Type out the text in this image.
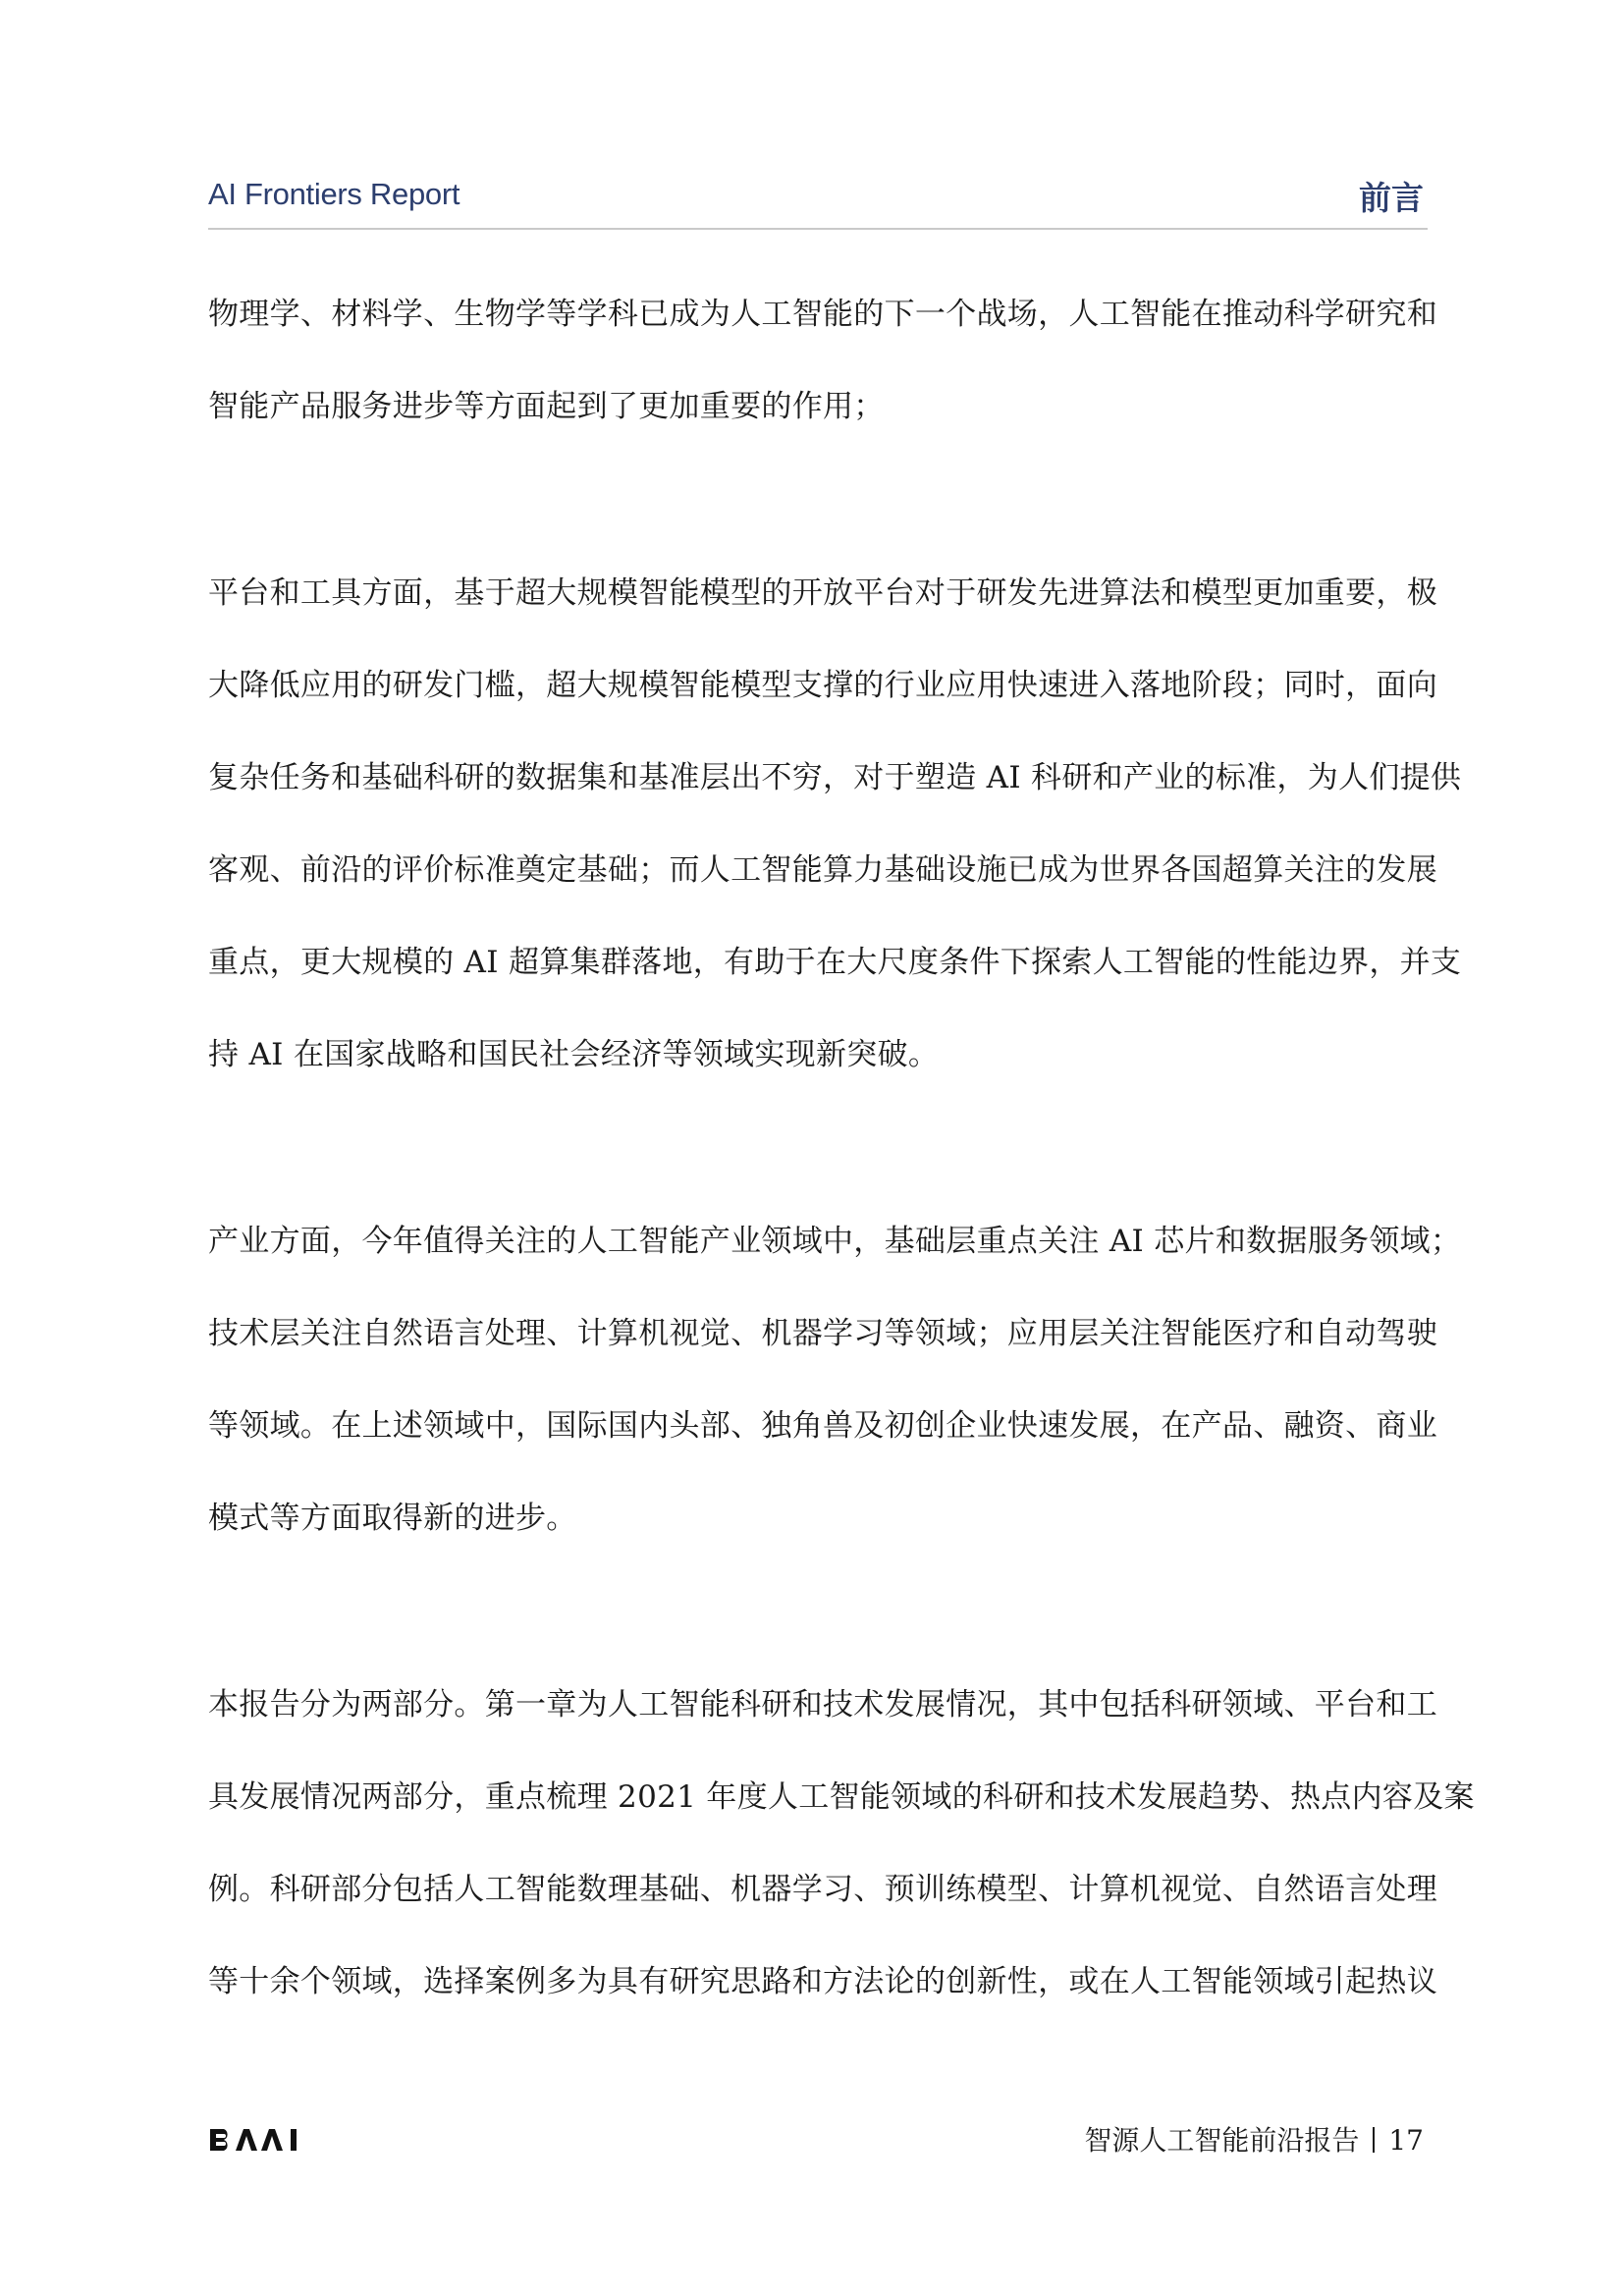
AI Frontiers Report	前言
物理学、材料学、生物学等学科已成为人工智能的下一个战场，人工智能在推动科学研究和
智能产品服务进步等方面起到了更加重要的作用；
平台和工具方面，基于超大规模智能模型的开放平台对于研发先进算法和模型更加重要，极
大降低应用的研发门槛，超大规模智能模型支撑的行业应用快速进入落地阶段；同时，面向
复杂任务和基础科研的数据集和基准层出不穷，对于塑造 AI 科研和产业的标准，为人们提供
客观、前沿的评价标准奠定基础；而人工智能算力基础设施已成为世界各国超算关注的发展
重点，更大规模的 AI 超算集群落地，有助于在大尺度条件下探索人工智能的性能边界，并支
持 AI 在国家战略和国民社会经济等领域实现新突破。
产业方面，今年值得关注的人工智能产业领域中，基础层重点关注 AI 芯片和数据服务领域；
技术层关注自然语言处理、计算机视觉、机器学习等领域；应用层关注智能医疗和自动驾驶
等领域。在上述领域中，国际国内头部、独角兽及初创企业快速发展，在产品、融资、商业
模式等方面取得新的进步。
本报告分为两部分。第一章为人工智能科研和技术发展情况，其中包括科研领域、平台和工
具发展情况两部分，重点梳理 2021 年度人工智能领域的科研和技术发展趋势、热点内容及案
例。科研部分包括人工智能数理基础、机器学习、预训练模型、计算机视觉、自然语言处理
等十余个领域，选择案例多为具有研究思路和方法论的创新性，或在人工智能领域引起热议
智源人工智能前沿报告 17
